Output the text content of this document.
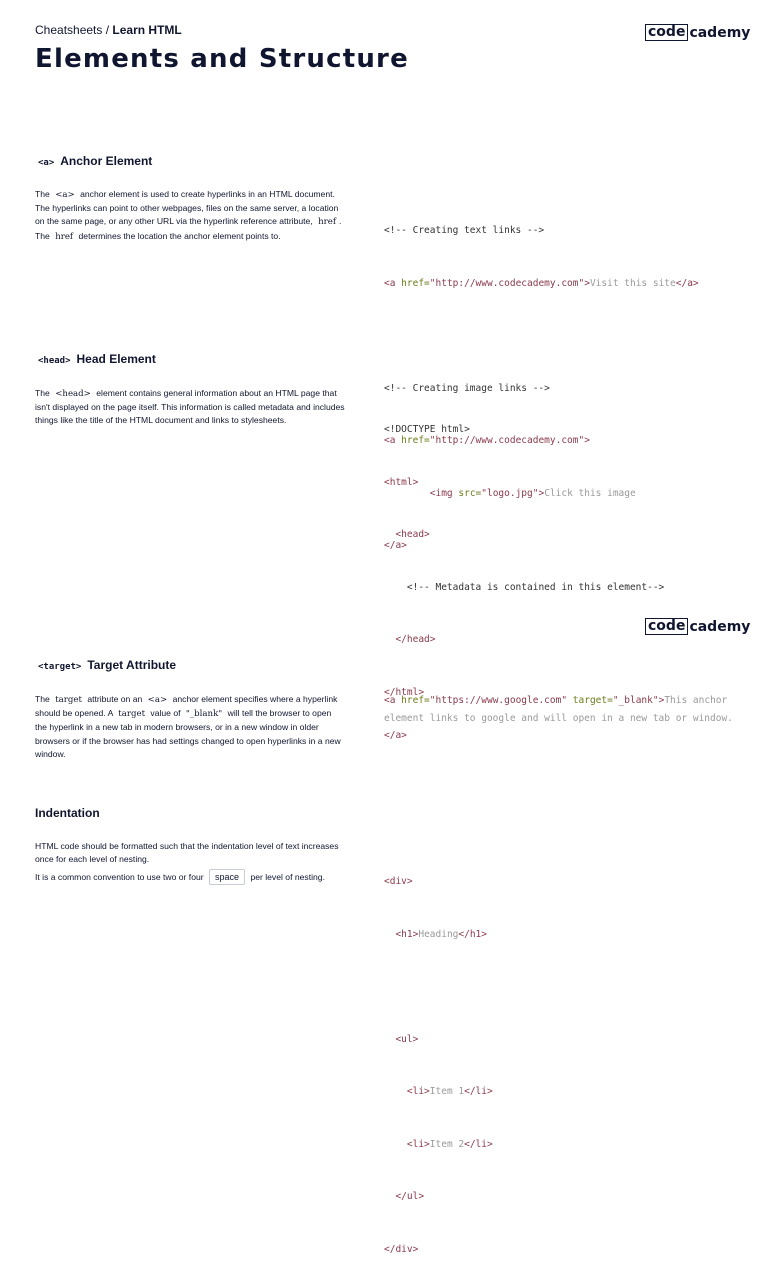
Cheatsheets / Learn HTML	code cademy
Elements and Structure
<a> Anchor Element

The <a> anchor element is used to create hyperlinks in an HTML document. The hyperlinks can point to other webpages, files on the same server, a location on the same page, or any other URL via the hyperlink reference attribute, href . The href determines the location the anchor element points to.

	<!-- Creating text links -->

<a href="http://www.codecademy.com">Visit this site</a>

<!-- Creating image links -->

<a href="http://www.codecademy.com">

<img src="logo.jpg">Click this image

</a>

<head> Head Element

The <head> element contains general information about an HTML page that isn't displayed on the page itself. This information is called metadata and includes things like the title of the HTML document and links to stylesheets.

<!DOCTYPE html>

<html>

<head>

<!-- Metadata is contained in this element-->

</head>

</html>

code cademy
<target> Target Attribute

The target attribute on an <a> anchor element specifies where a hyperlink should be opened. A target value of "_blank" will tell the browser to open the hyperlink in a new tab in modern browsers, or in a new window in older browsers or if the browser has had settings changed to open hyperlinks in a new window.

<a href="https://www.google.com" target="_blank">This anchor element links to google and will open in a new tab or window.</a>
Indentation

HTML code should be formatted such that the indentation level of text increases once for each level of nesting.

It is a common convention to use two or four space per level of nesting.

	<div>

<h1>Heading</h1>

<ul>

<li>Item 1</li>

<li>Item 2</li>

</ul>

</div>
